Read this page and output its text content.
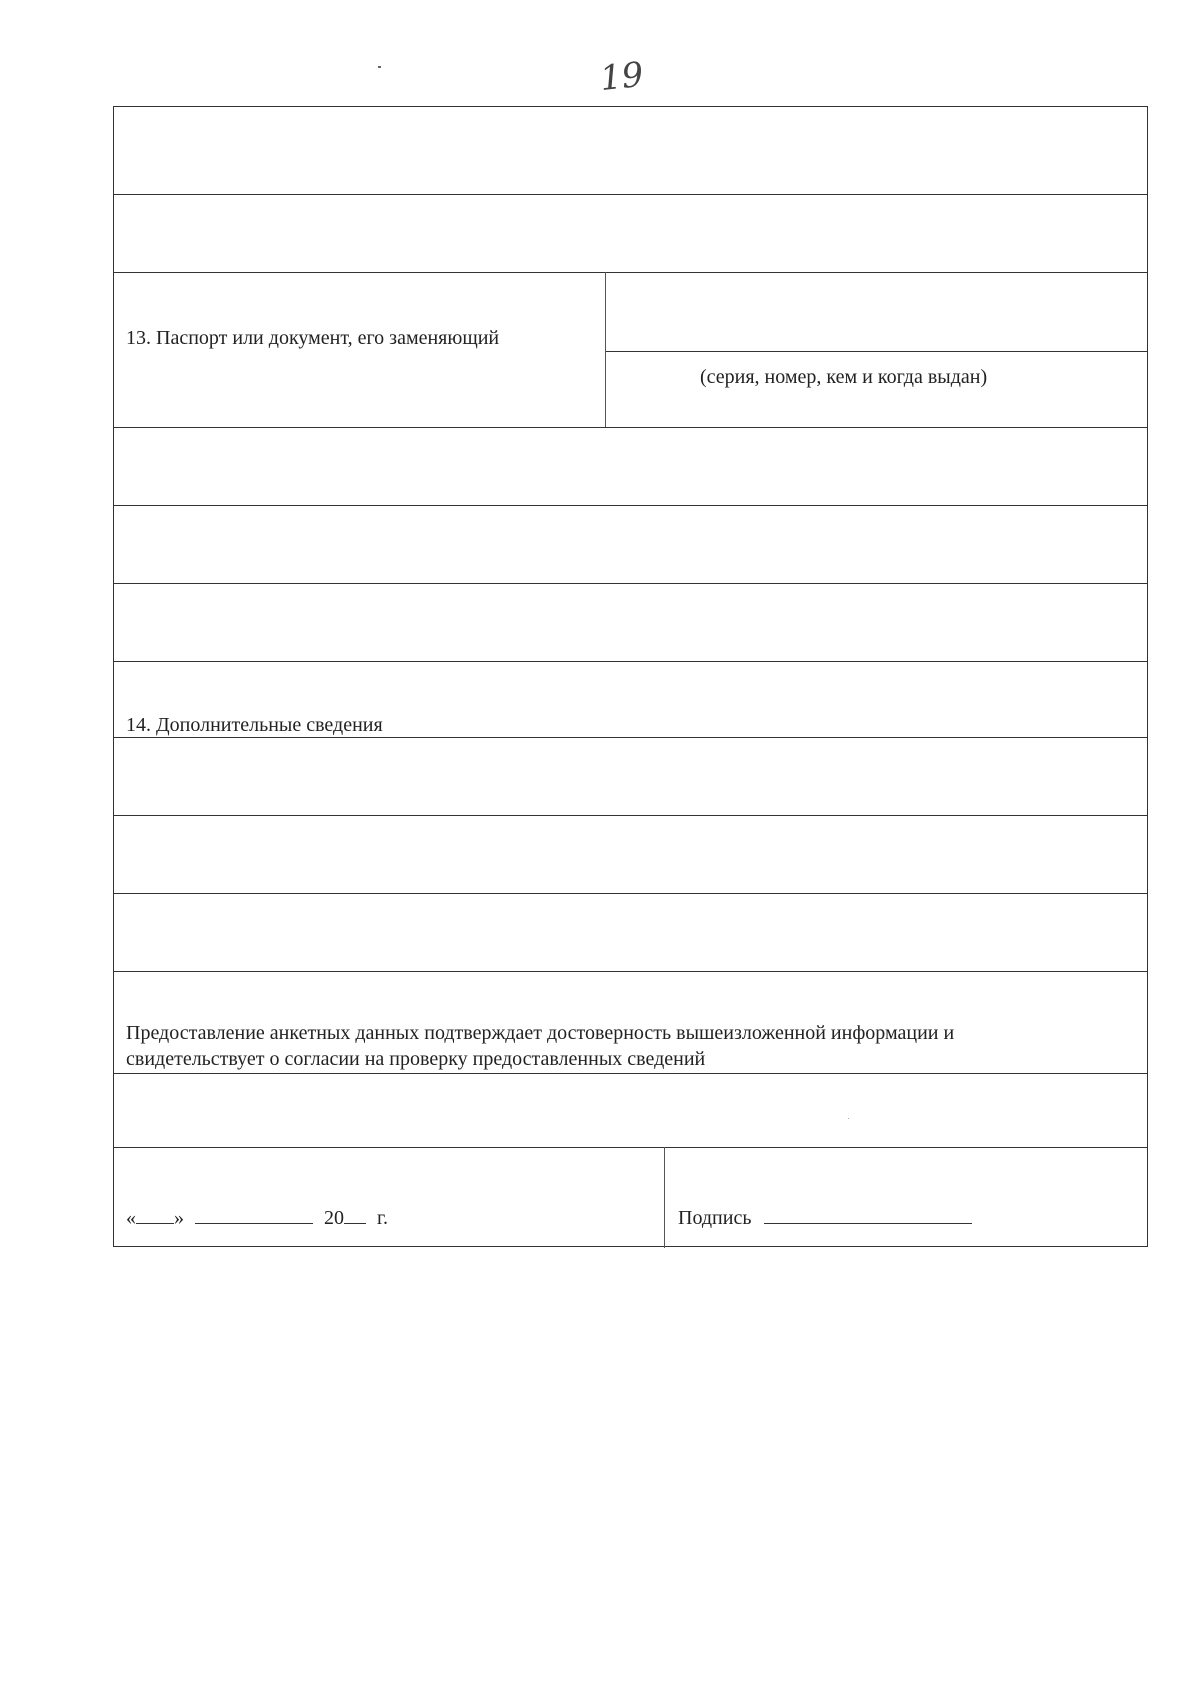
19
13. Паспорт или документ, его заменяющий
(серия, номер, кем и когда выдан)
14. Дополнительные сведения
Предоставление анкетных данных подтверждает достоверность вышеизложенной информации и
свидетельствует о согласии на проверку предоставленных сведений
« »	20 г.	Подпись
